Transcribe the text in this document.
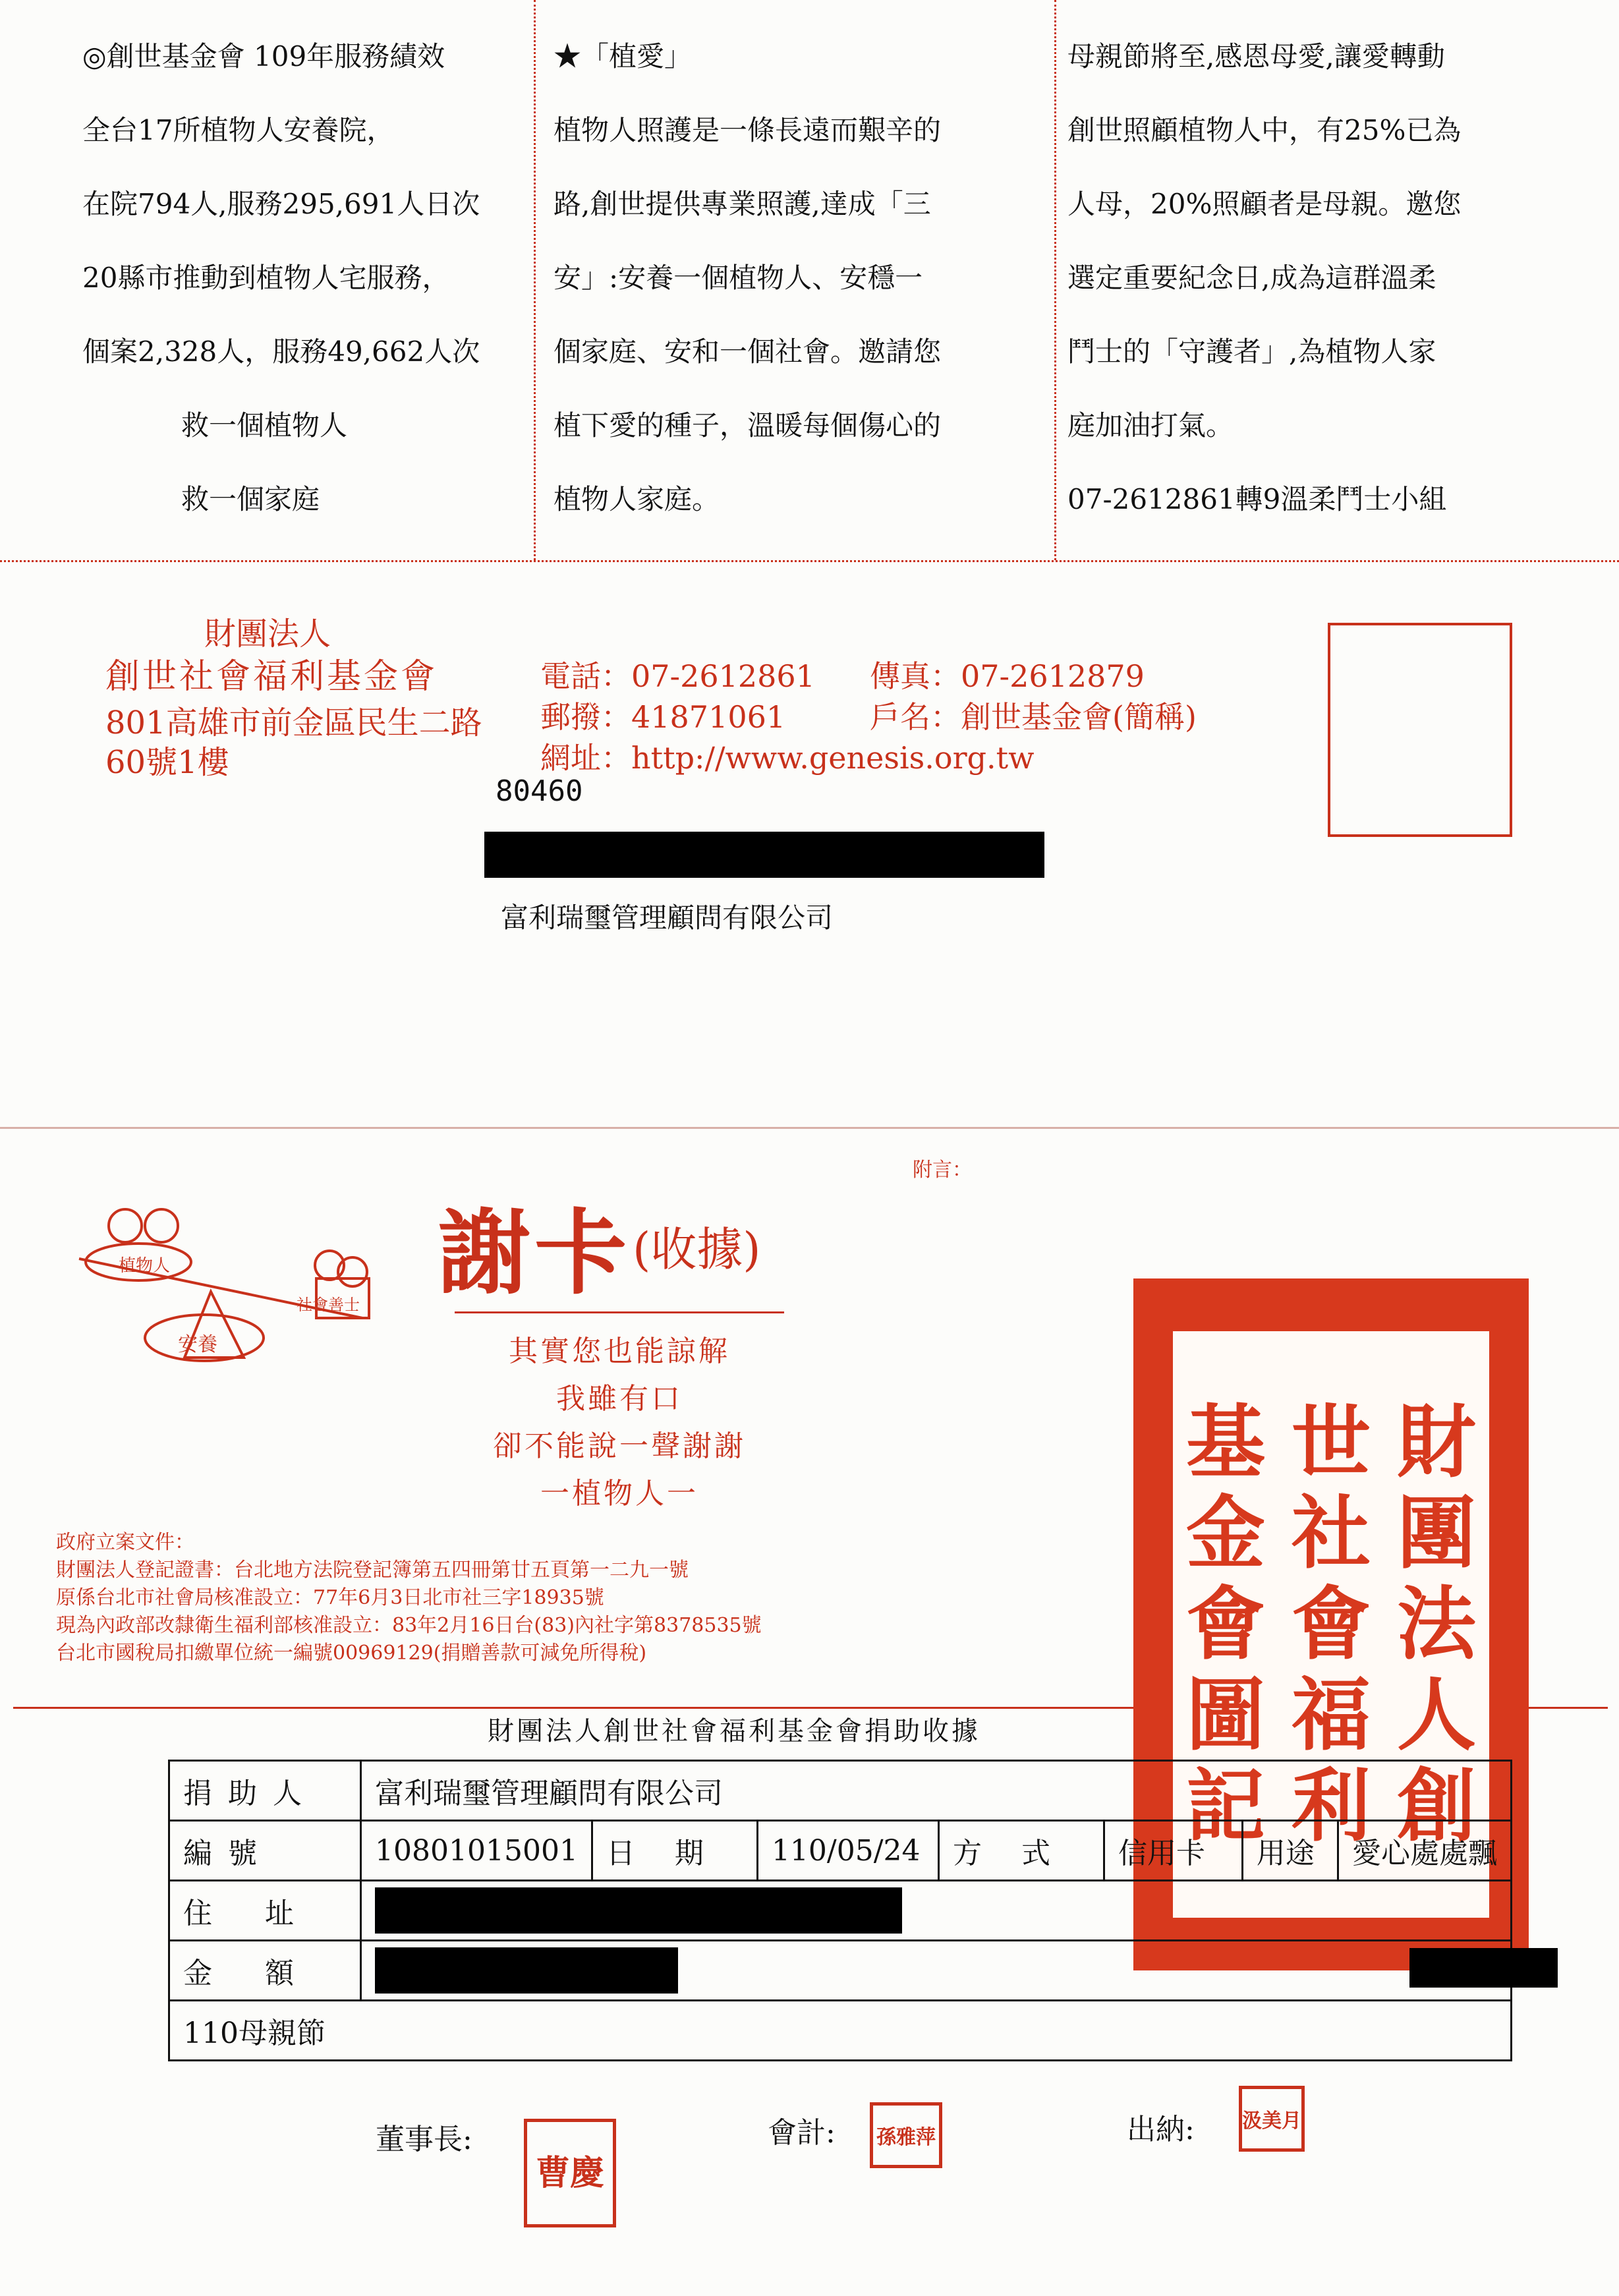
◎創世基金會 109年服務績效
全台17所植物人安養院，
在院794人,服務295,691人日次
20縣市推動到植物人宅服務，
個案2,328人，服務49,662人次
救一個植物人
救一個家庭
★「植愛」
植物人照護是一條長遠而艱辛的
路,創世提供專業照護,達成「三
安」:安養一個植物人、安穩一
個家庭、安和一個社會。邀請您
植下愛的種子，溫暖每個傷心的
植物人家庭。
母親節將至,感恩母愛,讓愛轉動
創世照顧植物人中，有25%已為
人母，20%照顧者是母親。邀您
選定重要紀念日,成為這群溫柔
鬥士的「守護者」,為植物人家
庭加油打氣。
07-2612861轉9溫柔鬥士小組
財團法人
創世社會福利基金會
801高雄市前金區民生二路
60號1樓
電話：07-2612861 傳真：07-2612879
郵撥：41871061	戶名：創世基金會(簡稱)
網址：http://www.genesis.org.tw
80460
富利瑞璽管理顧問有限公司
附言：
植物人
安養
社會善士 謝卡 (收據)
其實您也能諒解
我雖有口
卻不能說一聲謝謝
一植物人一
政府立案文件：
財團法人登記證書：台北地方法院登記簿第五四冊第廿五頁第一二九一號
原係台北市社會局核准設立：77年6月3日北市社三字18935號
現為內政部改隸衛生福利部核准設立：83年2月16日台(83)內社字第8378535號
台北市國稅局扣繳單位統一編號00969129(捐贈善款可減免所得稅)
財團法人創世社會福利基金會捐助收據
財
團
法
人
創
世
社
會
福
利
基
金
會
圖
記
捐助人	富利瑞璽管理顧問有限公司						
編號	10801015001	日期	110/05/24	方式	信用卡	用途	愛心處處飄
住址							

金額							

110母親節							
董事長:
曹慶
會計:	孫雅萍	出納: 汲美月
